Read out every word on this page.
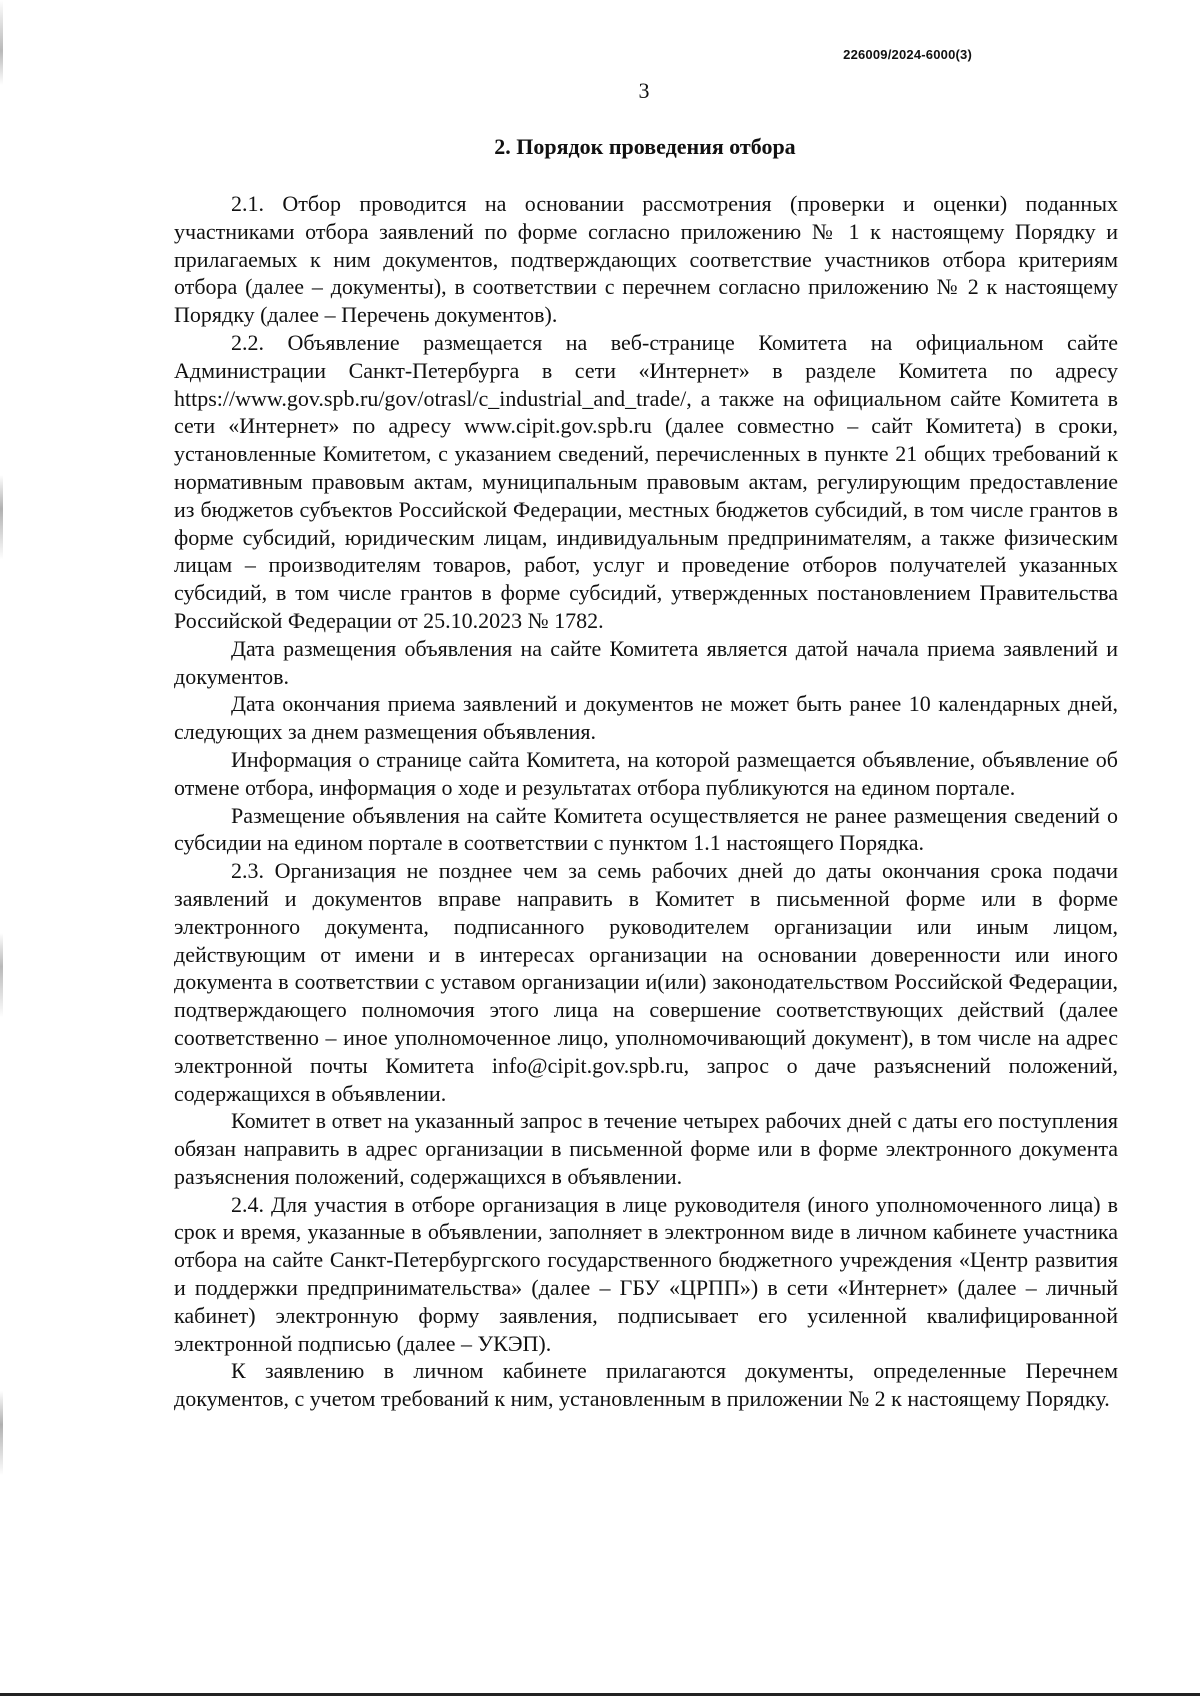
226009/2024-6000(3)
3
2. Порядок проведения отбора

2.1. Отбор проводится на основании рассмотрения (проверки и оценки) поданных участниками отбора заявлений по форме согласно приложению № 1 к настоящему Порядку и прилагаемых к ним документов, подтверждающих соответствие участников отбора критериям отбора (далее – документы), в соответствии с перечнем согласно приложению № 2 к настоящему Порядку (далее – Перечень документов).

2.2. Объявление размещается на веб-странице Комитета на официальном сайте Администрации Санкт-Петербурга в сети «Интернет» в разделе Комитета по адресу https://www.gov.spb.ru/gov/otrasl/c_industrial_and_trade/, а также на официальном сайте Комитета в сети «Интернет» по адресу www.cipit.gov.spb.ru (далее совместно – сайт Комитета) в сроки, установленные Комитетом, с указанием сведений, перечисленных в пункте 21 общих требований к нормативным правовым актам, муниципальным правовым актам, регулирующим предоставление из бюджетов субъектов Российской Федерации, местных бюджетов субсидий, в том числе грантов в форме субсидий, юридическим лицам, индивидуальным предпринимателям, а также физическим лицам – производителям товаров, работ, услуг и проведение отборов получателей указанных субсидий, в том числе грантов в форме субсидий, утвержденных постановлением Правительства Российской Федерации от 25.10.2023 № 1782.

Дата размещения объявления на сайте Комитета является датой начала приема заявлений и документов.

Дата окончания приема заявлений и документов не может быть ранее 10 календарных дней, следующих за днем размещения объявления.

Информация о странице сайта Комитета, на которой размещается объявление, объявление об отмене отбора, информация о ходе и результатах отбора публикуются на едином портале.

Размещение объявления на сайте Комитета осуществляется не ранее размещения сведений о субсидии на едином портале в соответствии с пунктом 1.1 настоящего Порядка.

2.3. Организация не позднее чем за семь рабочих дней до даты окончания срока подачи заявлений и документов вправе направить в Комитет в письменной форме или в форме электронного документа, подписанного руководителем организации или иным лицом, действующим от имени и в интересах организации на основании доверенности или иного документа в соответствии с уставом организации и(или) законодательством Российской Федерации, подтверждающего полномочия этого лица на совершение соответствующих действий (далее соответственно – иное уполномоченное лицо, уполномочивающий документ), в том числе на адрес электронной почты Комитета info@cipit.gov.spb.ru, запрос о даче разъяснений положений, содержащихся в объявлении.

Комитет в ответ на указанный запрос в течение четырех рабочих дней с даты его поступления обязан направить в адрес организации в письменной форме или в форме электронного документа разъяснения положений, содержащихся в объявлении.

2.4. Для участия в отборе организация в лице руководителя (иного уполномоченного лица) в срок и время, указанные в объявлении, заполняет в электронном виде в личном кабинете участника отбора на сайте Санкт-Петербургского государственного бюджетного учреждения «Центр развития и поддержки предпринимательства» (далее – ГБУ «ЦРПП») в сети «Интернет» (далее – личный кабинет) электронную форму заявления, подписывает его усиленной квалифицированной электронной подписью (далее – УКЭП).

К заявлению в личном кабинете прилагаются документы, определенные Перечнем документов, с учетом требований к ним, установленным в приложении № 2 к настоящему Порядку.
